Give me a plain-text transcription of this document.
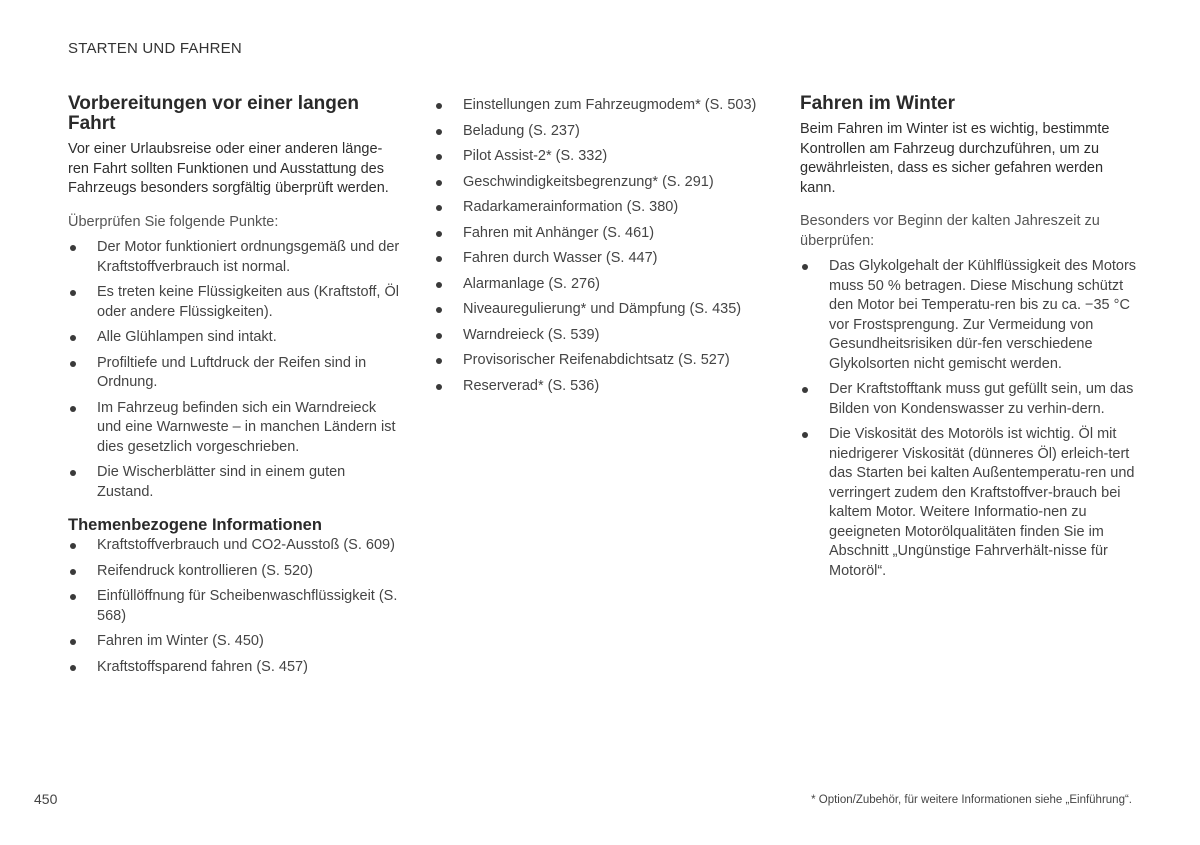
STARTEN UND FAHREN
Vorbereitungen vor einer langen Fahrt

Vor einer Urlaubsreise oder einer anderen länge-ren Fahrt sollten Funktionen und Ausstattung des Fahrzeugs besonders sorgfältig überprüft werden.

Überprüfen Sie folgende Punkte:

Der Motor funktioniert ordnungsgemäß und der Kraftstoffverbrauch ist normal.
Es treten keine Flüssigkeiten aus (Kraftstoff, Öl oder andere Flüssigkeiten).
Alle Glühlampen sind intakt.
Profiltiefe und Luftdruck der Reifen sind in Ordnung.
Im Fahrzeug befinden sich ein Warndreieck und eine Warnweste – in manchen Ländern ist dies gesetzlich vorgeschrieben.
Die Wischerblätter sind in einem guten Zustand.
Themenbezogene Informationen
Kraftstoffverbrauch und CO2-Ausstoß (S. 609)
Reifendruck kontrollieren (S. 520)
Einfüllöffnung für Scheibenwaschflüssigkeit (S. 568)
Fahren im Winter (S. 450)
Kraftstoffsparend fahren (S. 457)
Einstellungen zum Fahrzeugmodem* (S. 503)
Beladung (S. 237)
Pilot Assist-2* (S. 332)
Geschwindigkeitsbegrenzung* (S. 291)
Radarkamerainformation (S. 380)
Fahren mit Anhänger (S. 461)
Fahren durch Wasser (S. 447)
Alarmanlage (S. 276)
Niveauregulierung* und Dämpfung (S. 435)
Warndreieck (S. 539)
Provisorischer Reifenabdichtsatz (S. 527)
Reserverad* (S. 536)
Fahren im Winter

Beim Fahren im Winter ist es wichtig, bestimmte Kontrollen am Fahrzeug durchzuführen, um zu gewährleisten, dass es sicher gefahren werden kann.

Besonders vor Beginn der kalten Jahreszeit zu überprüfen:

Das Glykolgehalt der Kühlflüssigkeit des Motors muss 50 % betragen. Diese Mischung schützt den Motor bei Temperatu-ren bis zu ca. −35 °C vor Frostsprengung. Zur Vermeidung von Gesundheitsrisiken dür-fen verschiedene Glykolsorten nicht gemischt werden.
Der Kraftstofftank muss gut gefüllt sein, um das Bilden von Kondenswasser zu verhin-dern.
Die Viskosität des Motoröls ist wichtig. Öl mit niedrigerer Viskosität (dünneres Öl) erleich-tert das Starten bei kalten Außentemperatu-ren und verringert zudem den Kraftstoffver-brauch bei kaltem Motor. Weitere Informatio-nen zu geeigneten Motorölqualitäten finden Sie im Abschnitt „Ungünstige Fahrverhält-nisse für Motoröl“.
450	* Option/Zubehör, für weitere Informationen siehe „Einführung“.
